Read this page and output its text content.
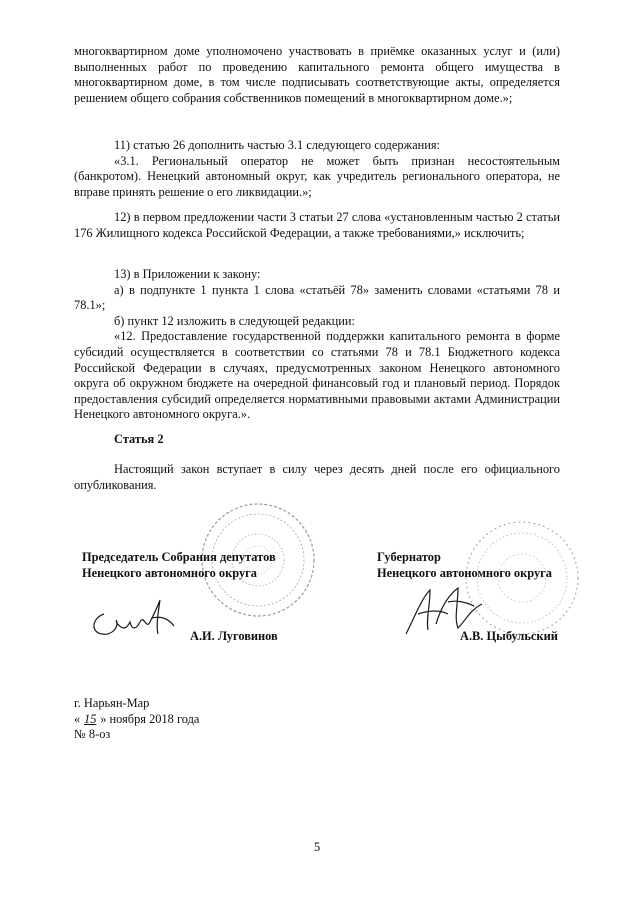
многоквартирном доме уполномочено участвовать в приёмке оказанных услуг и (или) выполненных работ по проведению капитального ремонта общего имущества в многоквартирном доме, в том числе подписывать соответствующие акты, определяется решением общего собрания собственников помещений в многоквартирном доме.»;

11) статью 26 дополнить частью 3.1 следующего содержания:

«3.1. Региональный оператор не может быть признан несостоятельным (банкротом). Ненецкий автономный округ, как учредитель регионального оператора, не вправе принять решение о его ликвидации.»;

12) в первом предложении части 3 статьи 27 слова «установленным частью 2 статьи 176 Жилищного кодекса Российской Федерации, а также требованиями,» исключить;

13) в Приложении к закону:

а) в подпункте 1 пункта 1 слова «статьёй 78» заменить словами «статьями 78 и 78.1»;

б) пункт 12 изложить в следующей редакции:

«12. Предоставление государственной поддержки капитального ремонта в форме субсидий осуществляется в соответствии со статьями 78 и 78.1 Бюджетного кодекса Российской Федерации в случаях, предусмотренных законом Ненецкого автономного округа об окружном бюджете на очередной финансовый год и плановый период. Порядок предоставления субсидий определяется нормативными правовыми актами Администрации Ненецкого автономного округа.».

Статья 2

Настоящий закон вступает в силу через десять дней после его официального опубликования.

Председатель Собрания депутатов
Ненецкого автономного округа
Губернатор
Ненецкого автономного округа
А.И. Луговинов	А.В. Цыбульский
г. Нарьян-Мар
« 15 » ноября 2018 года
№ 8-оз
5
